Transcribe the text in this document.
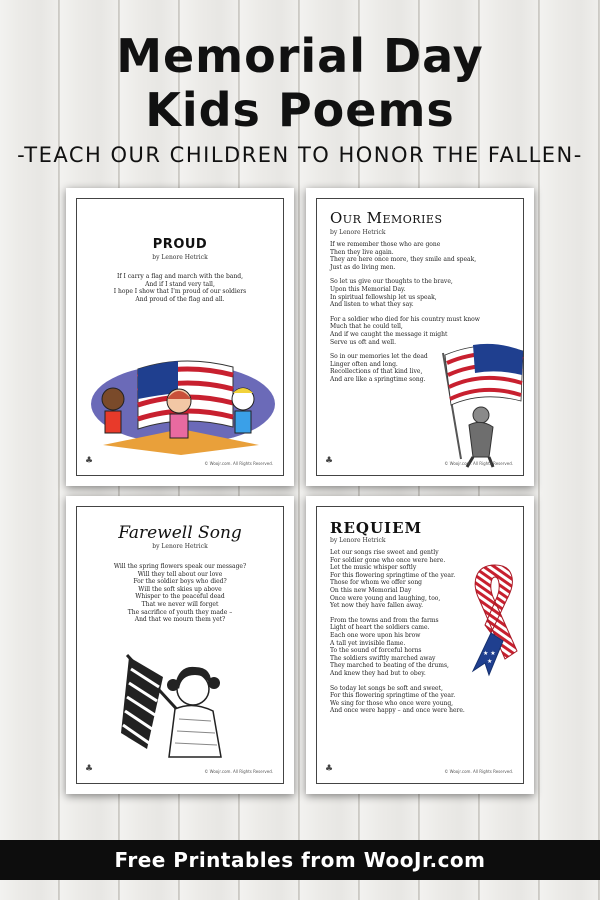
Memorial Day
Kids Poems
-TEACH OUR CHILDREN TO HONOR THE FALLEN-
PROUD
by Lenore Hetrick

If I carry a flag and march with the band,

And if I stand very tall,

I hope I show that I'm proud of our soldiers

And proud of the flag and all.

♣	© Woojr.com. All Rights Reserved.
Our Memories
by Lenore Hetrick

If we remember those who are gone

Then they live again.

They are here once more, they smile and speak,

Just as do living men.

So let us give our thoughts to the brave,

Upon this Memorial Day.

In spiritual fellowship let us speak,

And listen to what they say.

For a soldier who died for his country must know

Much that he could tell,

And if we caught the message it might

Serve us oft and well.

So in our memories let the dead

Linger often and long.

Recollections of that kind live,

And are like a springtime song.

♣	© Woojr.com. All Rights Reserved.
Farewell Song
by Lenore Hetrick

Will the spring flowers speak our message?

Will they tell about our love

For the soldier boys who died?

Will the soft skies up above

Whisper to the peaceful dead

That we never will forget

The sacrifice of youth they made –

And that we mourn them yet?

♣	© Woojr.com. All Rights Reserved.
REQUIEM
by Lenore Hetrick

Let our songs rise sweet and gently

For soldier gone who once were here.

Let the music whisper softly

For this flowering springtime of the year.

Those for whom we offer song

On this new Memorial Day

Once were young and laughing, too,

Yet now they have fallen away.

From the towns and from the farms

Light of heart the soldiers came.

Each one wore upon his brow

A tall yet invisible flame.

To the sound of forceful horns

The soldiers swiftly marched away

They marched to beating of the drums,

And knew they had but to obey.

So today let songs be soft and sweet,

For this flowering springtime of the year.

We sing for those who once were young,

And once were happy – and once were here.

★ ★
★
♣	© Woojr.com. All Rights Reserved.
Free Printables from WooJr.com
